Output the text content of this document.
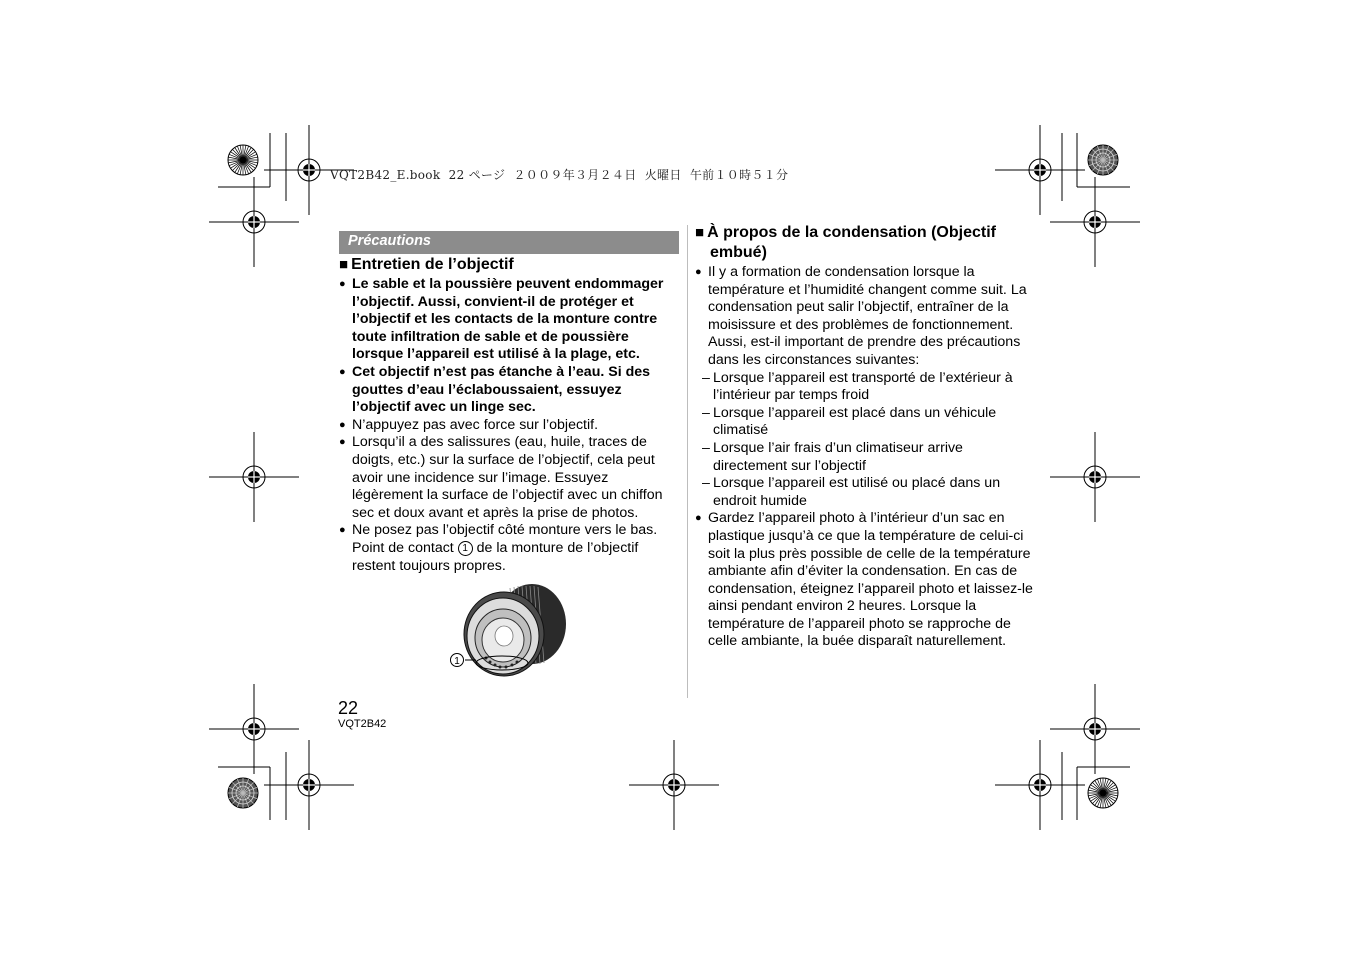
VQT2B42_E.book  22 ページ  ２００９年３月２４日  火曜日  午前１０時５１分
Précautions
■ Entretien de l’objectif
● Le sable et la poussière peuvent endommager l’objectif. Aussi, convient-il de protéger et l’objectif et les contacts de la monture contre toute infiltration de sable et de poussière lorsque l’appareil est utilisé à la plage, etc.
● Cet objectif n’est pas étanche à l’eau. Si des gouttes d’eau l’éclaboussaient, essuyez l’objectif avec un linge sec.
● N’appuyez pas avec force sur l’objectif.
● Lorsqu’il a des salissures (eau, huile, traces de doigts, etc.) sur la surface de l’objectif, cela peut avoir une incidence sur l’image. Essuyez légèrement la surface de l’objectif avec un chiffon sec et doux avant et après la prise de photos.
● Ne posez pas l’objectif côté monture vers le bas. Point de contact 1 de la monture de l’objectif restent toujours propres.
1
■ À propos de la condensation (Objectif embué)
● Il y a formation de condensation lorsque la température et l’humidité changent comme suit. La condensation peut salir l’objectif, entraîner de la moisissure et des problèmes de fonctionnement. Aussi, est-il important de prendre des précautions dans les circonstances suivantes:
– Lorsque l’appareil est transporté de l’extérieur à l’intérieur par temps froid
– Lorsque l’appareil est placé dans un véhicule climatisé
– Lorsque l’air frais d’un climatiseur arrive directement sur l’objectif
– Lorsque l’appareil est utilisé ou placé dans un endroit humide
● Gardez l’appareil photo à l’intérieur d’un sac en plastique jusqu’à ce que la température de celui-ci soit la plus près possible de celle de la température ambiante afin d’éviter la condensation. En cas de condensation, éteignez l’appareil photo et laissez-le ainsi pendant environ 2 heures. Lorsque la température de l’appareil photo se rapproche de celle ambiante, la buée disparaît naturellement.
22
VQT2B42
